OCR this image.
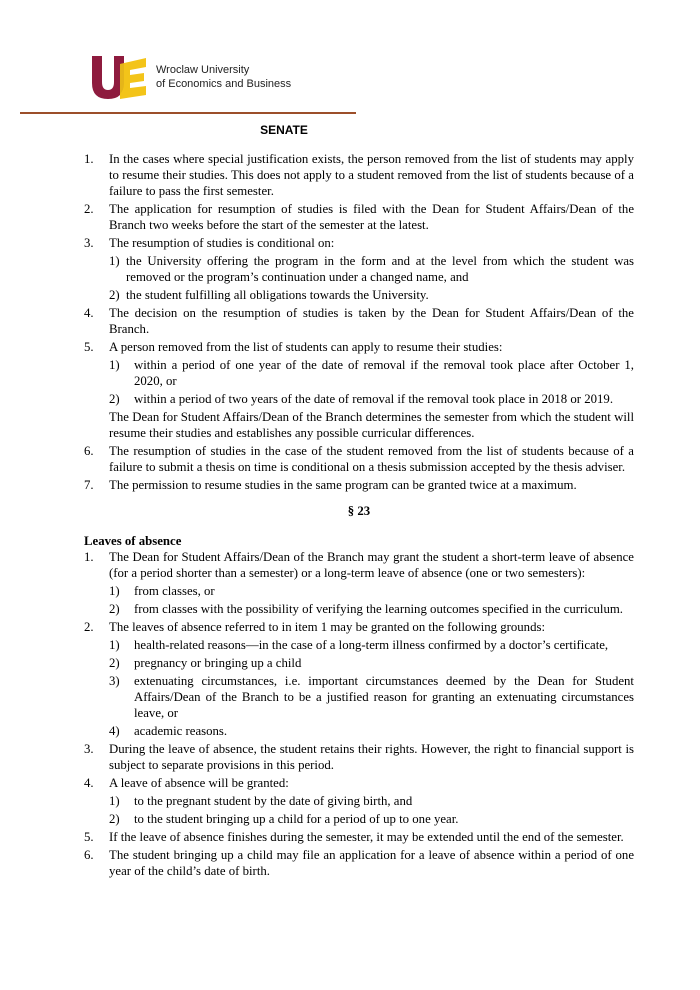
Wroclaw University
of Economics and Business
SENATE
1. In the cases where special justification exists, the person removed from the list of students may apply to resume their studies. This does not apply to a student removed from the list of students because of a failure to pass the first semester.
2. The application for resumption of studies is filed with the Dean for Student Affairs/Dean of the Branch two weeks before the start of the semester at the latest.
3. The resumption of studies is conditional on:
1) the University offering the program in the form and at the level from which the student was removed or the program’s continuation under a changed name, and
2) the student fulfilling all obligations towards the University.
4. The decision on the resumption of studies is taken by the Dean for Student Affairs/Dean of the Branch.
5. A person removed from the list of students can apply to resume their studies:
1) within a period of one year of the date of removal if the removal took place after October 1, 2020, or
2) within a period of two years of the date of removal if the removal took place in 2018 or 2019.
The Dean for Student Affairs/Dean of the Branch determines the semester from which the student will resume their studies and establishes any possible curricular differences.
6. The resumption of studies in the case of the student removed from the list of students because of a failure to submit a thesis on time is conditional on a thesis submission accepted by the thesis adviser.
7. The permission to resume studies in the same program can be granted twice at a maximum.
§ 23
Leaves of absence
1. The Dean for Student Affairs/Dean of the Branch may grant the student a short-term leave of absence (for a period shorter than a semester) or a long-term leave of absence (one or two semesters):
1) from classes, or
2) from classes with the possibility of verifying the learning outcomes specified in the curriculum.
2. The leaves of absence referred to in item 1 may be granted on the following grounds:
1) health-related reasons—in the case of a long-term illness confirmed by a doctor’s certificate,
2) pregnancy or bringing up a child
3) extenuating circumstances, i.e. important circumstances deemed by the Dean for Student Affairs/Dean of the Branch to be a justified reason for granting an extenuating circumstances leave, or
4) academic reasons.
3. During the leave of absence, the student retains their rights. However, the right to financial support is subject to separate provisions in this period.
4. A leave of absence will be granted:
1) to the pregnant student by the date of giving birth, and
2) to the student bringing up a child for a period of up to one year.
5. If the leave of absence finishes during the semester, it may be extended until the end of the semester.
6. The student bringing up a child may file an application for a leave of absence within a period of one year of the child’s date of birth.
